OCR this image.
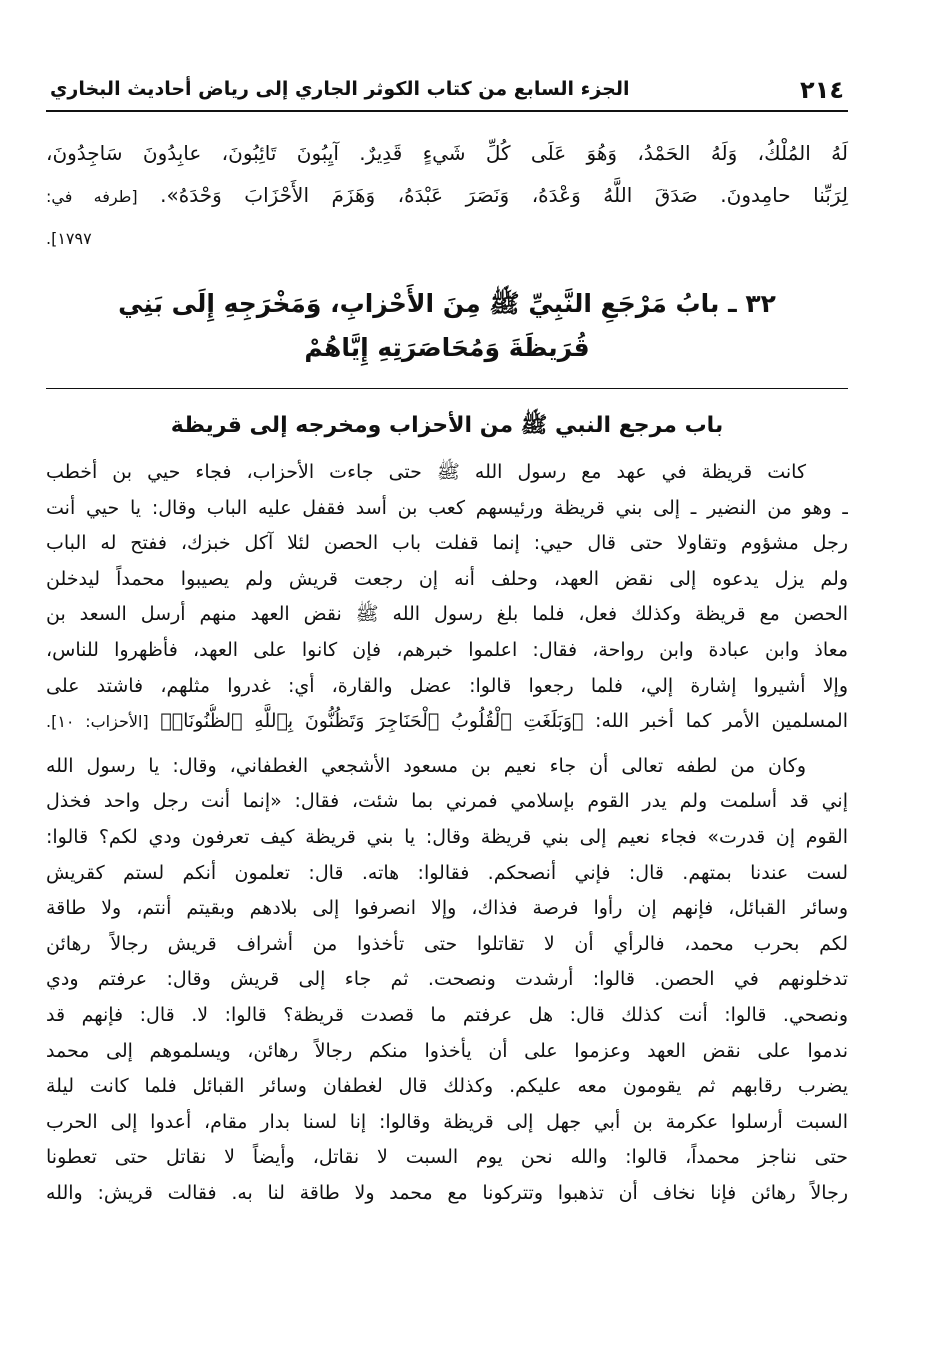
٢١٤
الجزء السابع من كتاب الكوثر الجاري إلى رياض أحاديث البخاري
لَهُ المُلْكُ، وَلَهُ الحَمْدُ، وَهُوَ عَلَى كُلِّ شَيءٍ قَدِيرٌ. آيِبُونَ تَائِبُونَ، عابِدُونَ سَاجِدُونَ،
لِرَبِّنا حامِدونَ. صَدَقَ اللَّهُ وَعْدَهُ، وَنَصَرَ عَبْدَهُ، وَهَزَمَ الأَحْزَابَ وَحْدَهُ». [طرفه في:
١٧٩٧].
٣٢ ـ بابُ مَرْجَعِ النَّبِيِّ ﷺ مِنَ الأَحْزابِ، وَمَخْرَجِهِ إِلَى بَنِي
قُرَيظَةَ وَمُحَاصَرَتِهِ إِيَّاهُمْ
باب مرجع النبي ﷺ من الأحزاب ومخرجه إلى قريظة

كانت قريظة في عهد مع رسول الله ﷺ حتى جاءت الأحزاب، فجاء حيي بن أخطب
ـ وهو من النضير ـ إلى بني قريظة ورئيسهم كعب بن أسد فقفل عليه الباب وقال: يا حيي أنت
رجل مشؤوم وتقاولا حتى قال حيي: إنما قفلت باب الحصن لئلا آكل خبزك، ففتح له الباب
ولم يزل يدعوه إلى نقض العهد، وحلف أنه إن رجعت قريش ولم يصيبوا محمداً ليدخلن
الحصن مع قريظة وكذلك فعل، فلما بلغ رسول الله ﷺ نقض العهد منهم أرسل السعد بن
معاذ وابن عبادة وابن رواحة، فقال: اعلموا خبرهم، فإن كانوا على العهد، فأظهروا للناس،
وإلا أشيروا إشارة إلي، فلما رجعوا قالوا: عضل والقارة، أي: غدروا مثلهم، فاشتد على
المسلمين الأمر كما أخبر الله: ﴿وَبَلَغَتِ ٱلْقُلُوبُ ٱلْحَنَاجِرَ وَتَظُنُّونَ بِٱللَّهِ ٱلظُّنُونَا۠﴾ [الأحزاب: ١٠].

وكان من لطفه تعالى أن جاء نعيم بن مسعود الأشجعي الغطفاني، وقال: يا رسول الله
إني قد أسلمت ولم يدر القوم بإسلامي فمرني بما شئت، فقال: «إنما أنت رجل واحد فخذل
القوم إن قدرت» فجاء نعيم إلى بني قريظة وقال: يا بني قريظة كيف تعرفون ودي لكم؟ قالوا:
لست عندنا بمتهم. قال: فإني أنصحكم. فقالوا: هاته. قال: تعلمون أنكم لستم كقريش
وسائر القبائل، فإنهم إن رأوا فرصة فذاك، وإلا انصرفوا إلى بلادهم وبقيتم أنتم، ولا طاقة
لكم بحرب محمد، فالرأي أن لا تقاتلوا حتى تأخذوا من أشراف قريش رجالاً رهائن
تدخلونهم في الحصن. قالوا: أرشدت ونصحت. ثم جاء إلى قريش وقال: عرفتم ودي
ونصحي. قالوا: أنت كذلك قال: هل عرفتم ما قصدت قريظة؟ قالوا: لا. قال: فإنهم قد
ندموا على نقض العهد وعزموا على أن يأخذوا منكم رجالاً رهائن، ويسلموهم إلى محمد
يضرب رقابهم ثم يقومون معه عليكم. وكذلك قال لغطفان وسائر القبائل فلما كانت ليلة
السبت أرسلوا عكرمة بن أبي جهل إلى قريظة وقالوا: إنا لسنا بدار مقام، أعدوا إلى الحرب
حتى نناجز محمداً، قالوا: والله نحن يوم السبت لا نقاتل، وأيضاً لا نقاتل حتى تعطونا
رجالاً رهائن فإنا نخاف أن تذهبوا وتتركونا مع محمد ولا طاقة لنا به. فقالت قريش: والله
